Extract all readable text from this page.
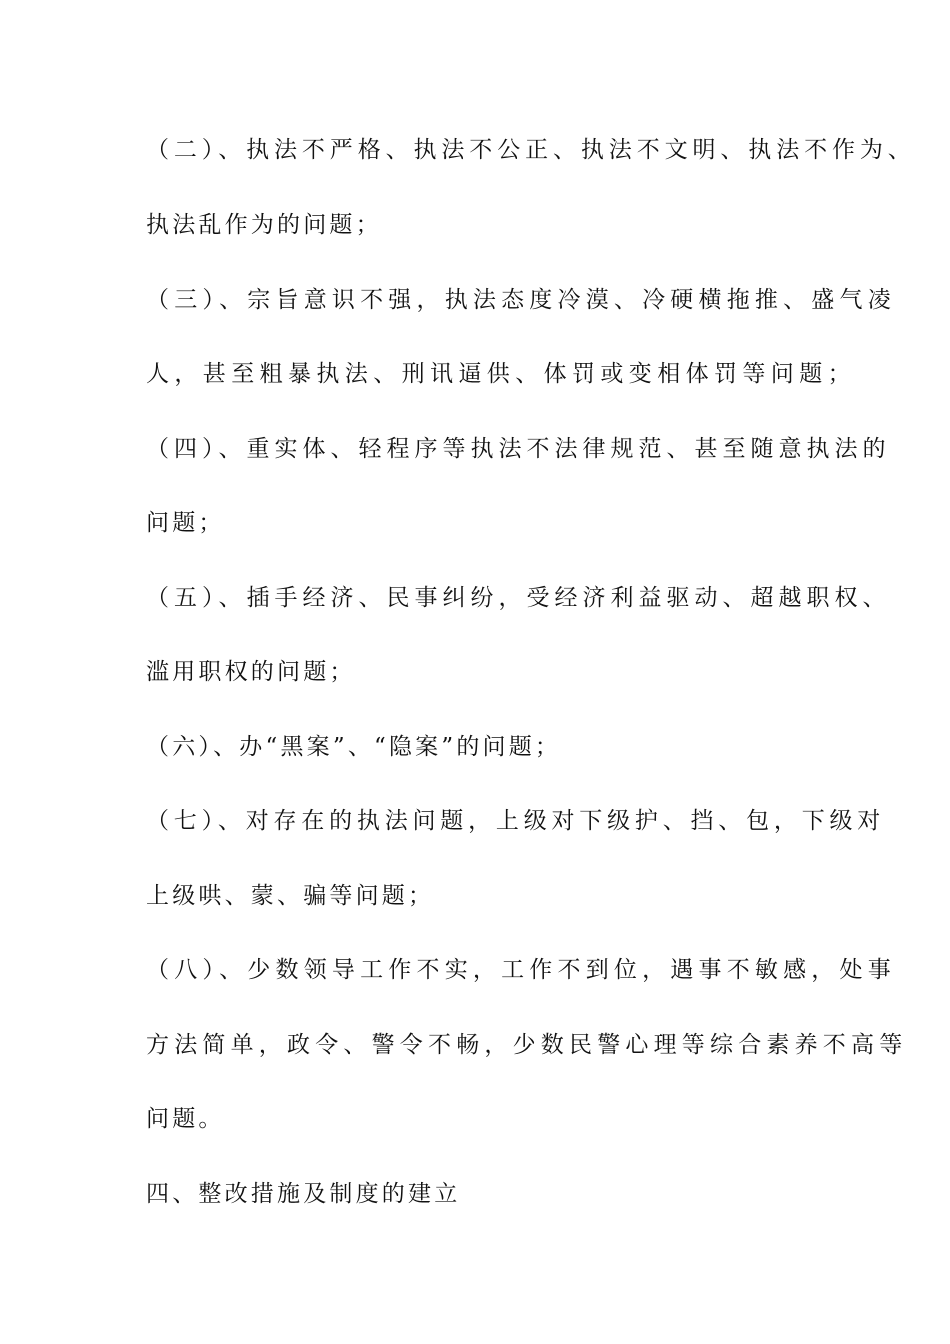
（二）、执法不严格、执法不公正、执法不文明、执法不作为、
执法乱作为的问题；
（三）、宗旨意识不强，执法态度冷漠、冷硬横拖推、盛气凌
人，甚至粗暴执法、刑讯逼供、体罚或变相体罚等问题；
（四）、重实体、轻程序等执法不法律规范、甚至随意执法的
问题；
（五）、插手经济、民事纠纷，受经济利益驱动、超越职权、
滥用职权的问题；
（六）、办“黑案”、“隐案”的问题；
（七）、对存在的执法问题，上级对下级护、挡、包，下级对
上级哄、蒙、骗等问题；
（八）、少数领导工作不实，工作不到位，遇事不敏感，处事
方法简单，政令、警令不畅，少数民警心理等综合素养不高等
问题。
四、整改措施及制度的建立
